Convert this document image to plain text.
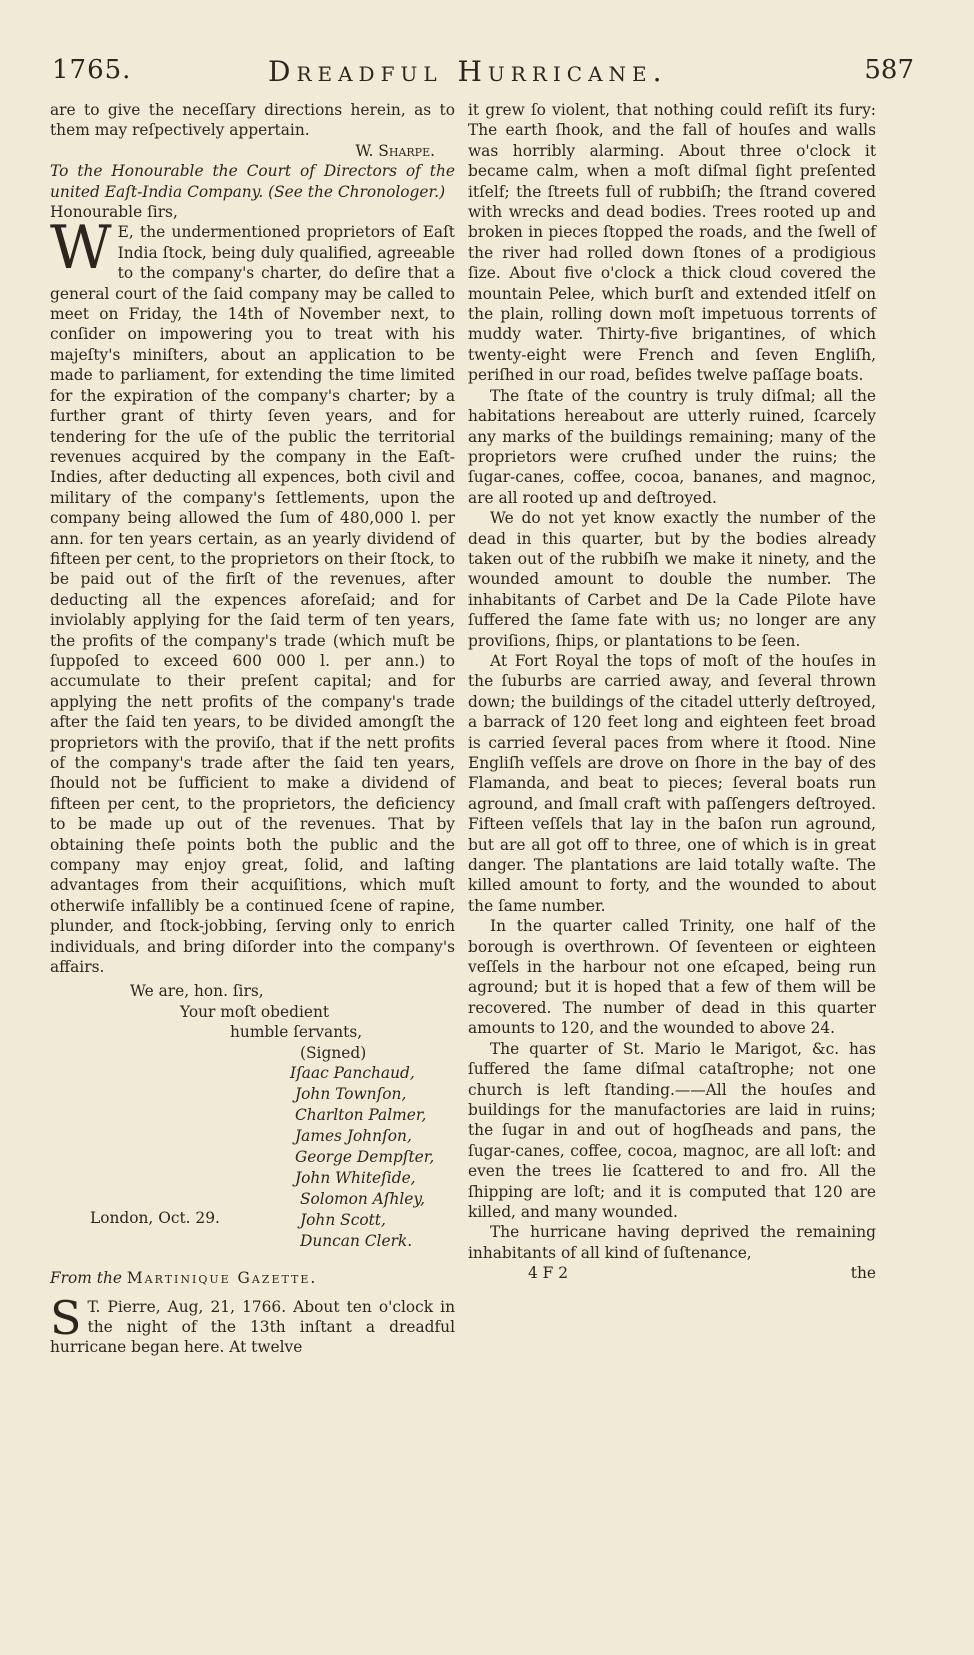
1765.	Dreadful Hurricane.	587

are to give the neceſſary directions herein, as to them may reſpectively appertain.

W. Sharpe.

To the Honourable the Court of Directors of the united Eaſt-India Company. (See the Chronologer.)

Honourable ſirs,

W E, the undermentioned proprietors of Eaſt India ſtock, being duly qualified, agreeable to the company's charter, do deſire that a general court of the ſaid company may be called to meet on Friday, the 14th of November next, to conſider on impowering you to treat with his majeſty's miniſters, about an application to be made to parliament, for extending the time limited for the expiration of the company's charter; by a further grant of thirty ſeven years, and for tendering for the uſe of the public the territorial revenues acquired by the company in the Eaſt-Indies, after deducting all expences, both civil and military of the company's ſettlements, upon the company being allowed the ſum of 480,000 l. per ann. for ten years certain, as an yearly dividend of fifteen per cent, to the proprietors on their ſtock, to be paid out of the firſt of the revenues, after deducting all the expences aforeſaid; and for inviolably applying for the ſaid term of ten years, the profits of the company's trade (which muſt be ſuppoſed to exceed 600 000 l. per ann.) to accumulate to their preſent capital; and for applying the nett profits of the company's trade after the ſaid ten years, to be divided amongſt the proprietors with the proviſo, that if the nett profits of the company's trade after the ſaid ten years, ſhould not be ſufficient to make a dividend of fifteen per cent, to the proprietors, the deficiency to be made up out of the revenues. That by obtaining theſe points both the public and the company may enjoy great, ſolid, and laſting advantages from their acquiſitions, which muſt otherwiſe infallibly be a continued ſcene of rapine, plunder, and ſtock-jobbing, ſerving only to enrich individuals, and bring diſorder into the company's affairs.

We are, hon. ſirs,
Your moſt obedient
humble ſervants,
(Signed)
Iſaac Panchaud,
John Townſon,
Charlton Palmer,
James Johnſon,
George Dempſter,
John Whiteſide,
Solomon Aſhley,
John Scott,
Duncan Clerk.
London, Oct. 29.

From the Martinique Gazette.

S T. Pierre, Aug, 21, 1766. About ten o'clock in the night of the 13th inſtant a dreadful hurricane began here. At twelve

it grew ſo violent, that nothing could reſiſt its fury: The earth ſhook, and the fall of houſes and walls was horribly alarming. About three o'clock it became calm, when a moſt diſmal ſight preſented itſelf; the ſtreets full of rubbiſh; the ſtrand covered with wrecks and dead bodies. Trees rooted up and broken in pieces ſtopped the roads, and the ſwell of the river had rolled down ſtones of a prodigious ſize. About five o'clock a thick cloud covered the mountain Pelee, which burſt and extended itſelf on the plain, rolling down moſt impetuous torrents of muddy water. Thirty-five brigantines, of which twenty-eight were French and ſeven Engliſh, periſhed in our road, beſides twelve paſſage boats.

The ſtate of the country is truly diſmal; all the habitations hereabout are utterly ruined, ſcarcely any marks of the buildings remaining; many of the proprietors were cruſhed under the ruins; the ſugar-canes, coffee, cocoa, bananes, and magnoc, are all rooted up and deſtroyed.

We do not yet know exactly the number of the dead in this quarter, but by the bodies already taken out of the rubbiſh we make it ninety, and the wounded amount to double the number. The inhabitants of Carbet and De la Cade Pilote have ſuffered the ſame fate with us; no longer are any proviſions, ſhips, or plantations to be ſeen.

At Fort Royal the tops of moſt of the houſes in the ſuburbs are carried away, and ſeveral thrown down; the buildings of the citadel utterly deſtroyed, a barrack of 120 feet long and eighteen feet broad is carried ſeveral paces from where it ſtood. Nine Engliſh veſſels are drove on ſhore in the bay of des Flamanda, and beat to pieces; ſeveral boats run aground, and ſmall craft with paſſengers deſtroyed. Fifteen veſſels that lay in the baſon run aground, but are all got off to three, one of which is in great danger. The plantations are laid totally waſte. The killed amount to forty, and the wounded to about the ſame number.

In the quarter called Trinity, one half of the borough is overthrown. Of ſeventeen or eighteen veſſels in the harbour not one eſcaped, being run aground; but it is hoped that a few of them will be recovered. The number of dead in this quarter amounts to 120, and the wounded to above 24.

The quarter of St. Mario le Marigot, &c. has ſuffered the ſame diſmal cataſtrophe; not one church is left ſtanding.——All the houſes and buildings for the manufactories are laid in ruins; the ſugar in and out of hogſheads and pans, the ſugar-canes, coffee, cocoa, magnoc, are all loſt: and even the trees lie ſcattered to and fro. All the ſhipping are loſt; and it is computed that 120 are killed, and many wounded.

The hurricane having deprived the remaining inhabitants of all kind of ſuſtenance,

4 F 2	the
